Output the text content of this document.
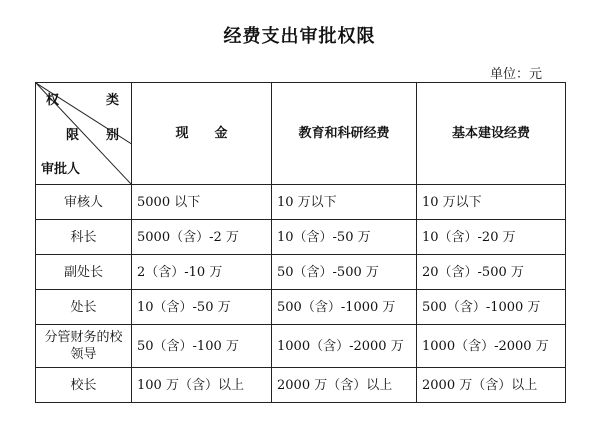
经费支出审批权限
单位：元
权 类
限 别
审批人	现　　金	教育和科研经费	基本建设经费
审核人	5000 以下	10 万以下	10 万以下
科长	5000（含）-2 万	10（含）-50 万	10（含）-20 万
副处长	2（含）-10 万	50（含）-500 万	20（含）-500 万
处长	10（含）-50 万	500（含）-1000 万	500（含）-1000 万
分管财务的校领导	50（含）-100 万	1000（含）-2000 万	1000（含）-2000 万
校长	100 万（含）以上	2000 万（含）以上	2000 万（含）以上
